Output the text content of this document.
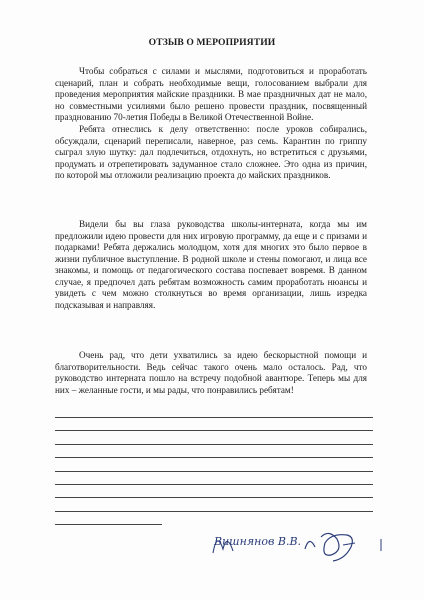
ОТЗЫВ О МЕРОПРИЯТИИ

Чтобы собраться с силами и мыслями, подготовиться и проработать сценарий, план и собрать необходимые вещи, голосованием выбрали для проведения мероприятия майские праздники. В мае праздничных дат не мало, но совместными усилиями было решено провести праздник, посвященный празднованию 70-летия Победы в Великой Отечественной Войне.

Ребята отнеслись к делу ответственно: после уроков собирались, обсуждали, сценарий переписали, наверное, раз семь. Карантин по гриппу сыграл злую шутку: дал подлечиться, отдохнуть, но встретиться с друзьями, продумать и отрепетировать задуманное стало сложнее. Это одна из причин, по которой мы отложили реализацию проекта до майских праздников.

Видели бы вы глаза руководства школы-интерната, когда мы им предложили идею провести для них игровую программу, да еще и с призами и подарками! Ребята держались молодцом, хотя для многих это было первое в жизни публичное выступление. В родной школе и стены помогают, и лица все знакомы, и помощь от педагогического состава поспевает вовремя. В данном случае, я предпочел дать ребятам возможность самим проработать нюансы и увидеть с чем можно столкнуться во время организации, лишь изредка подсказывая и направляя.

Очень рад, что дети ухватились за идею бескорыстной помощи и благотворительности. Ведь сейчас такого очень мало осталось. Рад, что руководство интерната пошло на встречу подобной авантюре. Теперь мы для них – желанные гости, и мы рады, что понравились ребятам!

Вишнянов В.В.
